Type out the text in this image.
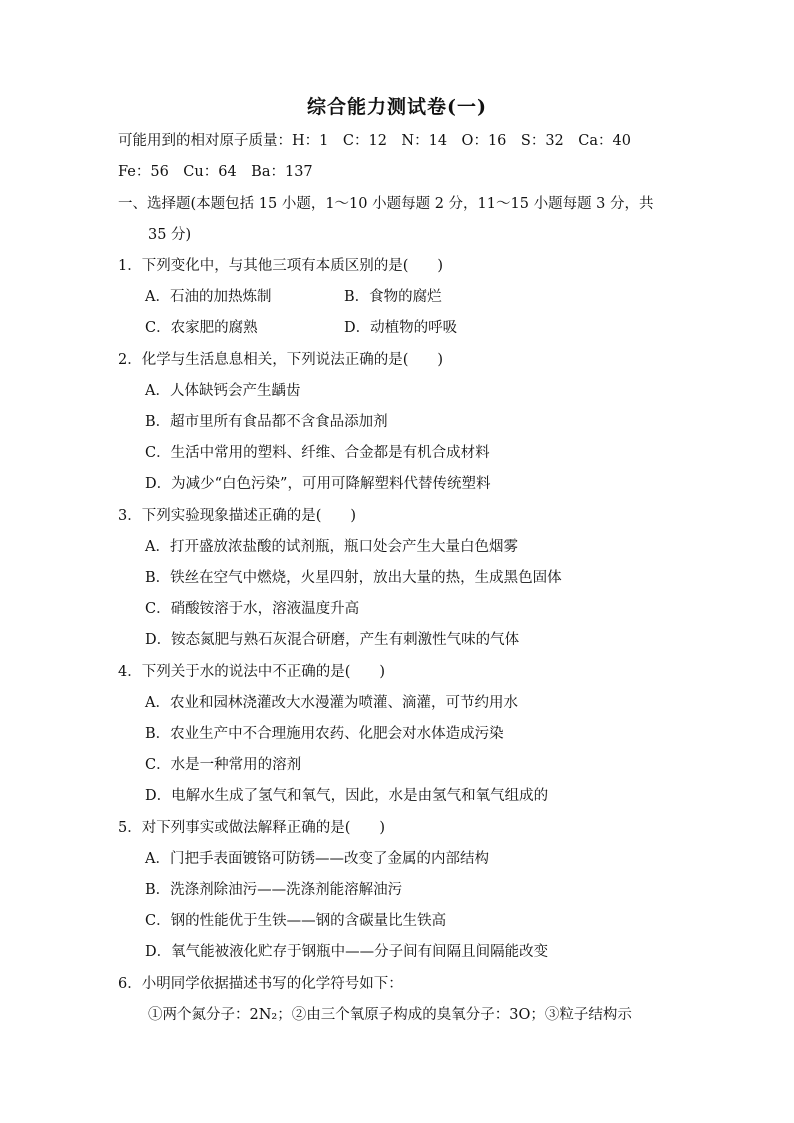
综合能力测试卷(一)
可能用到的相对原子质量：H：1　C：12　N：14　O：16　S：32　Ca：40
Fe：56　Cu：64　Ba：137
一、选择题(本题包括 15 小题，1～10 小题每题 2 分，11～15 小题每题 3 分，共
35 分)
1．下列变化中，与其他三项有本质区别的是(　　)
A．石油的加热炼制	B．食物的腐烂
C．农家肥的腐熟	D．动植物的呼吸
2．化学与生活息息相关，下列说法正确的是(　　)
A．人体缺钙会产生龋齿
B．超市里所有食品都不含食品添加剂
C．生活中常用的塑料、纤维、合金都是有机合成材料
D．为减少“白色污染”，可用可降解塑料代替传统塑料
3．下列实验现象描述正确的是(　　)
A．打开盛放浓盐酸的试剂瓶，瓶口处会产生大量白色烟雾
B．铁丝在空气中燃烧，火星四射，放出大量的热，生成黑色固体
C．硝酸铵溶于水，溶液温度升高
D．铵态氮肥与熟石灰混合研磨，产生有刺激性气味的气体
4．下列关于水的说法中不正确的是(　　)
A．农业和园林浇灌改大水漫灌为喷灌、滴灌，可节约用水
B．农业生产中不合理施用农药、化肥会对水体造成污染
C．水是一种常用的溶剂
D．电解水生成了氢气和氧气，因此，水是由氢气和氧气组成的
5．对下列事实或做法解释正确的是(　　)
A．门把手表面镀铬可防锈——改变了金属的内部结构
B．洗涤剂除油污——洗涤剂能溶解油污
C．钢的性能优于生铁——钢的含碳量比生铁高
D．氧气能被液化贮存于钢瓶中——分子间有间隔且间隔能改变
6．小明同学依据描述书写的化学符号如下：
①两个氮分子：2N₂；②由三个氧原子构成的臭氧分子：3O；③粒子结构示
